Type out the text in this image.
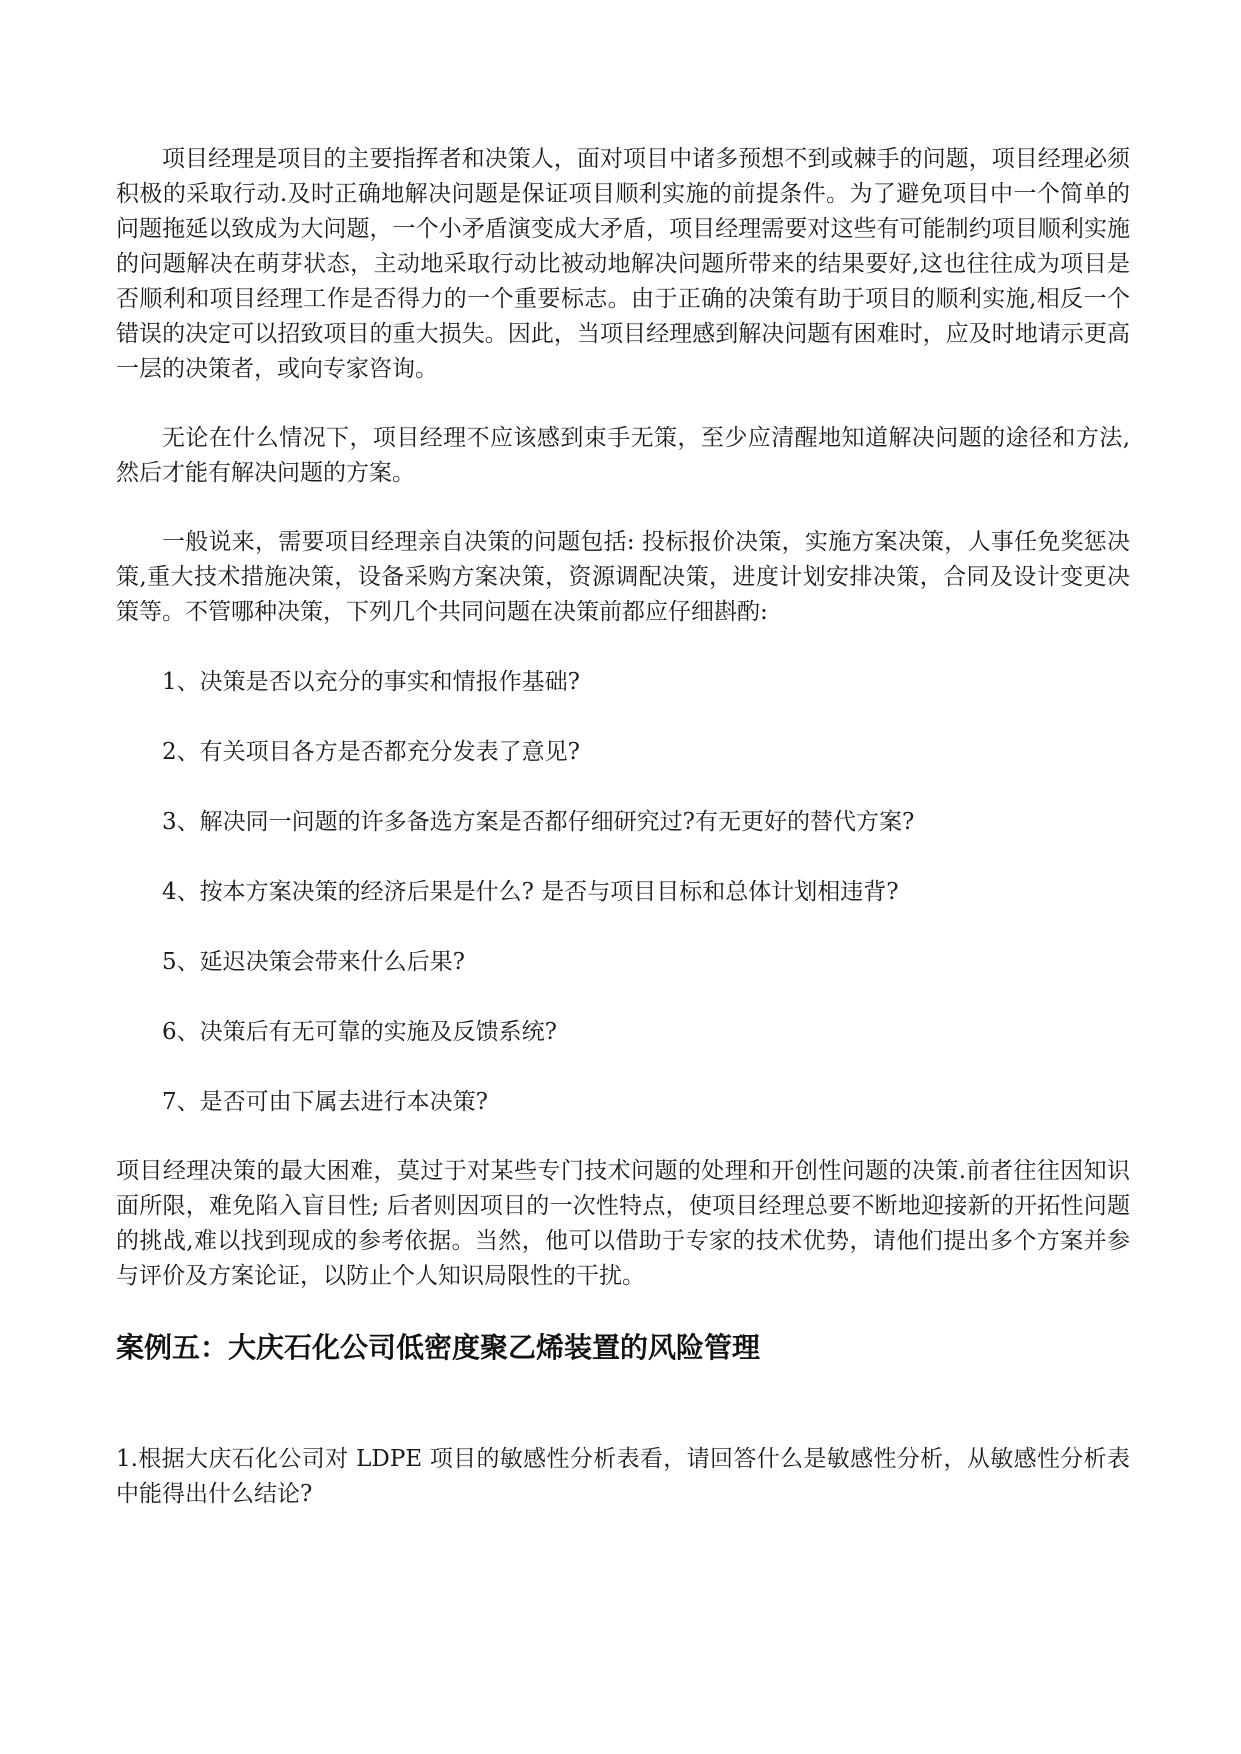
项目经理是项目的主要指挥者和决策人，面对项目中诸多预想不到或棘手的问题，项目经理必须积极的采取行动.及时正确地解决问题是保证项目顺利实施的前提条件。为了避免项目中一个简单的问题拖延以致成为大问题，一个小矛盾演变成大矛盾，项目经理需要对这些有可能制约项目顺利实施的问题解决在萌芽状态，主动地采取行动比被动地解决问题所带来的结果要好,这也往往成为项目是否顺利和项目经理工作是否得力的一个重要标志。由于正确的决策有助于项目的顺利实施,相反一个错误的决定可以招致项目的重大损失。因此，当项目经理感到解决问题有困难时，应及时地请示更高一层的决策者，或向专家咨询。

无论在什么情况下，项目经理不应该感到束手无策，至少应清醒地知道解决问题的途径和方法,然后才能有解决问题的方案。

一般说来，需要项目经理亲自决策的问题包括: 投标报价决策，实施方案决策，人事任免奖惩决策,重大技术措施决策，设备采购方案决策，资源调配决策，进度计划安排决策，合同及设计变更决策等。不管哪种决策，下列几个共同问题在决策前都应仔细斟酌:

1、决策是否以充分的事实和情报作基础?
2、有关项目各方是否都充分发表了意见?
3、解决同一问题的许多备选方案是否都仔细研究过?有无更好的替代方案?
4、按本方案决策的经济后果是什么? 是否与项目目标和总体计划相违背?
5、延迟决策会带来什么后果?
6、决策后有无可靠的实施及反馈系统?
7、是否可由下属去进行本决策?

项目经理决策的最大困难，莫过于对某些专门技术问题的处理和开创性问题的决策.前者往往因知识面所限，难免陷入盲目性; 后者则因项目的一次性特点，使项目经理总要不断地迎接新的开拓性问题的挑战,难以找到现成的参考依据。当然，他可以借助于专家的技术优势，请他们提出多个方案并参与评价及方案论证，以防止个人知识局限性的干扰。

案例五：大庆石化公司低密度聚乙烯装置的风险管理

1.根据大庆石化公司对 LDPE 项目的敏感性分析表看，请回答什么是敏感性分析，从敏感性分析表中能得出什么结论?
